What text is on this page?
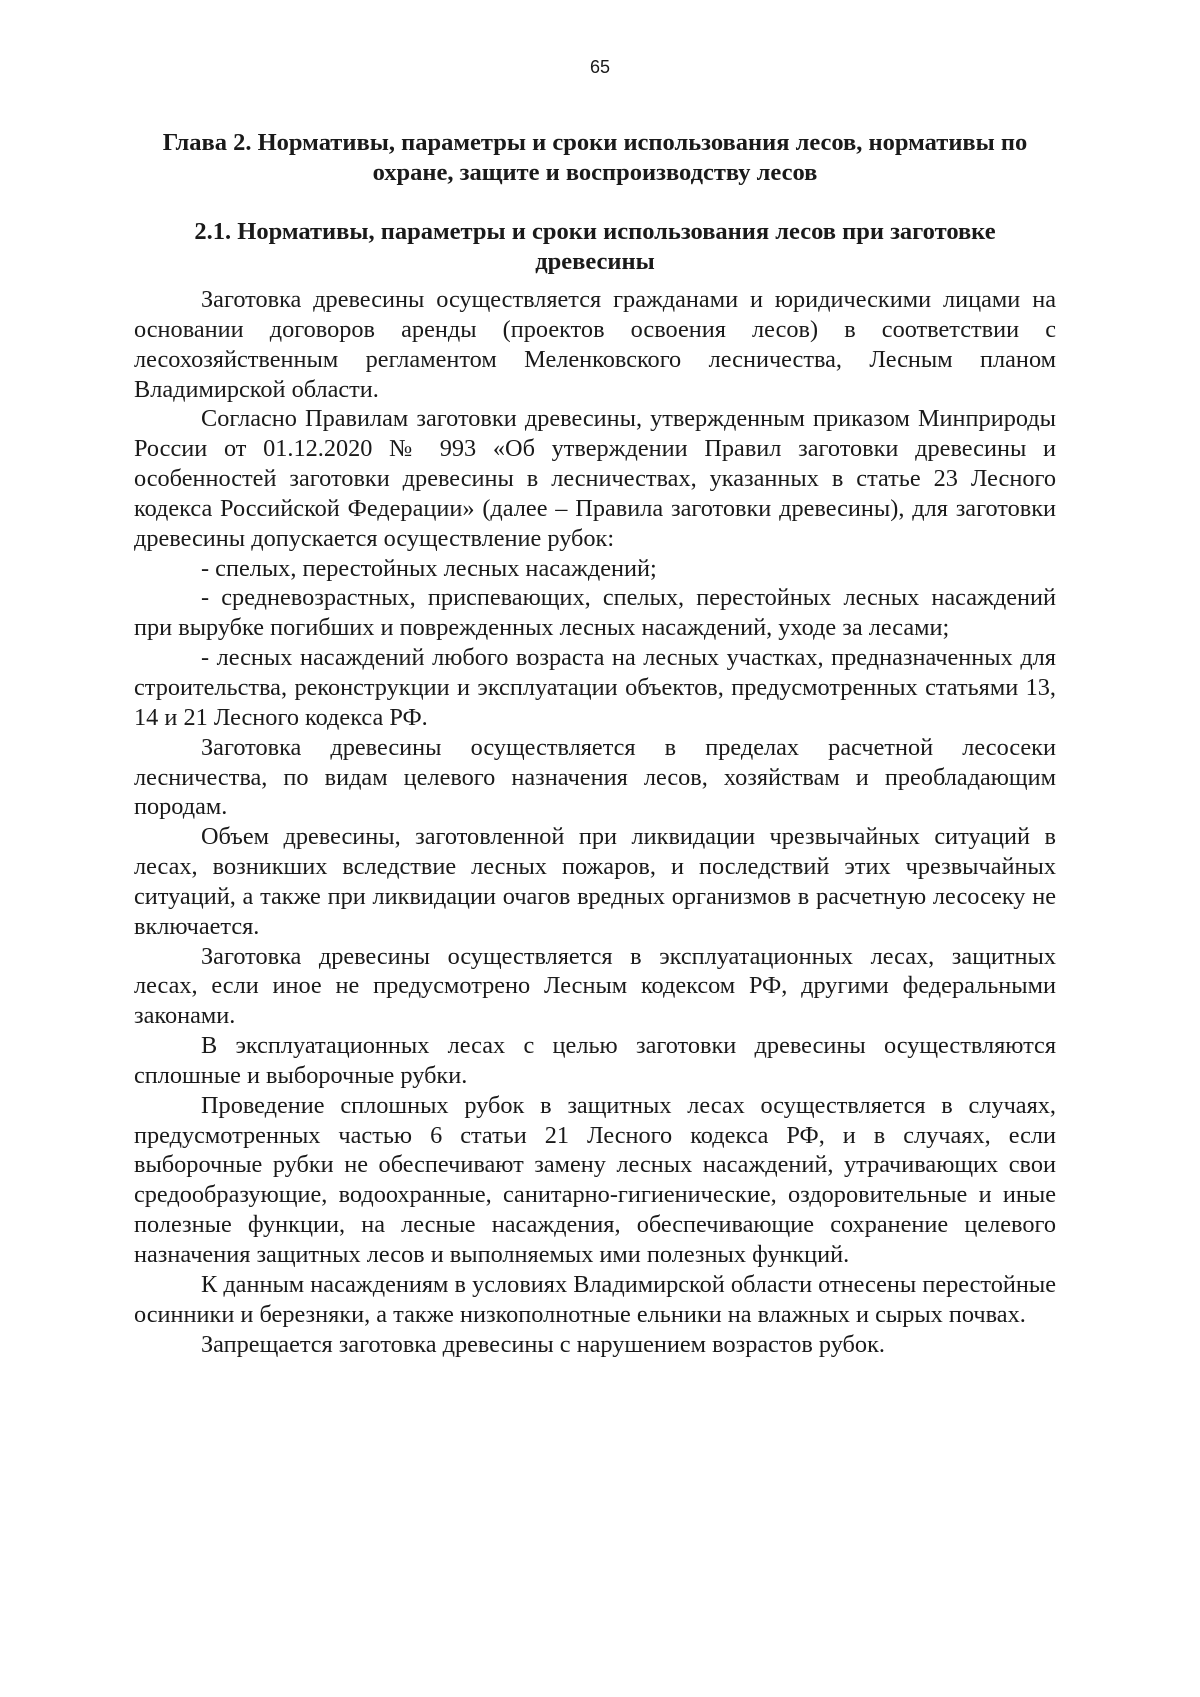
65
Глава 2. Нормативы, параметры и сроки использования лесов, нормативы по охране, защите и воспроизводству лесов
2.1. Нормативы, параметры и сроки использования лесов при заготовке древесины

Заготовка древесины осуществляется гражданами и юридическими лицами на основании договоров аренды (проектов освоения лесов) в соответствии с лесохозяйственным регламентом Меленковского лесничества, Лесным планом Владимирской области.

Согласно Правилам заготовки древесины, утвержденным приказом Минприроды России от 01.12.2020 № 993 «Об утверждении Правил заготовки древесины и особенностей заготовки древесины в лесничествах, указанных в статье 23 Лесного кодекса Российской Федерации» (далее – Правила заготовки древесины), для заготовки древесины допускается осуществление рубок:

- спелых, перестойных лесных насаждений;

- средневозрастных, приспевающих, спелых, перестойных лесных насаждений при вырубке погибших и поврежденных лесных насаждений, уходе за лесами;

- лесных насаждений любого возраста на лесных участках, предназначенных для строительства, реконструкции и эксплуатации объектов, предусмотренных статьями 13, 14 и 21 Лесного кодекса РФ.

Заготовка древесины осуществляется в пределах расчетной лесосеки лесничества, по видам целевого назначения лесов, хозяйствам и преобладающим породам.

Объем древесины, заготовленной при ликвидации чрезвычайных ситуаций в лесах, возникших вследствие лесных пожаров, и последствий этих чрезвычайных ситуаций, а также при ликвидации очагов вредных организмов в расчетную лесосеку не включается.

Заготовка древесины осуществляется в эксплуатационных лесах, защитных лесах, если иное не предусмотрено Лесным кодексом РФ, другими федеральными законами.

В эксплуатационных лесах с целью заготовки древесины осуществляются сплошные и выборочные рубки.

Проведение сплошных рубок в защитных лесах осуществляется в случаях, предусмотренных частью 6 статьи 21 Лесного кодекса РФ, и в случаях, если выборочные рубки не обеспечивают замену лесных насаждений, утрачивающих свои средообразующие, водоохранные, санитарно-гигиенические, оздоровительные и иные полезные функции, на лесные насаждения, обеспечивающие сохранение целевого назначения защитных лесов и выполняемых ими полезных функций.

К данным насаждениям в условиях Владимирской области отнесены перестойные осинники и березняки, а также низкополнотные ельники на влажных и сырых почвах.

Запрещается заготовка древесины с нарушением возрастов рубок.
